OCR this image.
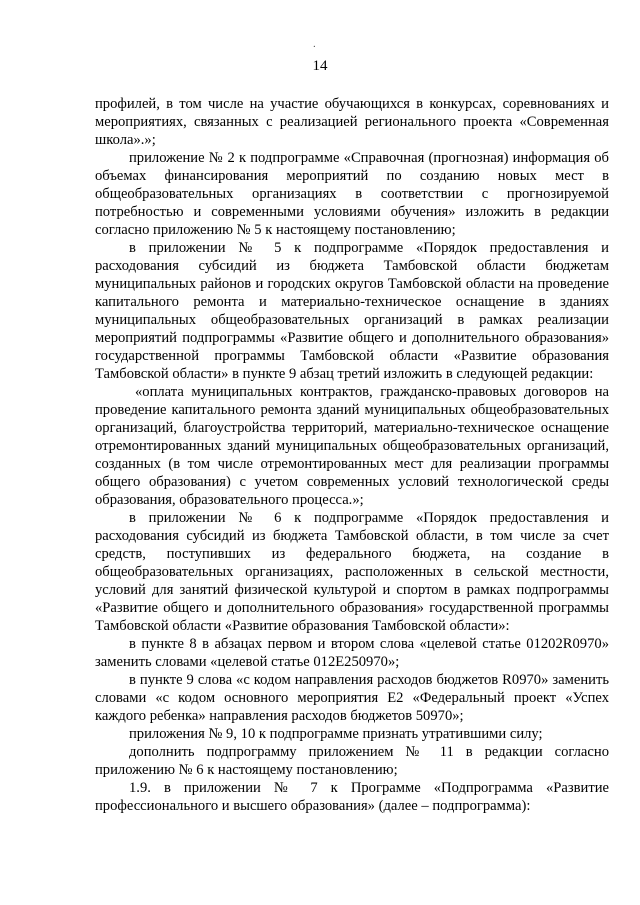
.
14

профилей, в том числе на участие обучающихся в конкурсах, соревнованиях и мероприятиях, связанных с реализацией регионального проекта «Современная школа».»;

приложение № 2 к подпрограмме «Справочная (прогнозная) информация об объемах финансирования мероприятий по созданию новых мест в общеобразовательных организациях в соответствии с прогнозируемой потребностью и современными условиями обучения» изложить в редакции согласно приложению № 5 к настоящему постановлению;

в приложении № 5 к подпрограмме «Порядок предоставления и расходования субсидий из бюджета Тамбовской области бюджетам муниципальных районов и городских округов Тамбовской области на проведение капитального ремонта и материально-техническое оснащение в зданиях муниципальных общеобразовательных организаций в рамках реализации мероприятий подпрограммы «Развитие общего и дополнительного образования» государственной программы Тамбовской области «Развитие образования Тамбовской области» в пункте 9 абзац третий изложить в следующей редакции:

«оплата муниципальных контрактов, гражданско-правовых договоров на проведение капитального ремонта зданий муниципальных общеобразовательных организаций, благоустройства территорий, материально-техническое оснащение отремонтированных зданий муниципальных общеобразовательных организаций, созданных (в том числе отремонтированных мест для реализации программы общего образования) с учетом современных условий технологической среды образования, образовательного процесса.»;

в приложении № 6 к подпрограмме «Порядок предоставления и расходования субсидий из бюджета Тамбовской области, в том числе за счет средств, поступивших из федерального бюджета, на создание в общеобразовательных организациях, расположенных в сельской местности, условий для занятий физической культурой и спортом в рамках подпрограммы «Развитие общего и дополнительного образования» государственной программы Тамбовской области «Развитие образования Тамбовской области»:

в пункте 8 в абзацах первом и втором слова «целевой статье 01202R0970» заменить словами «целевой статье 012E250970»;

в пункте 9 слова «с кодом направления расходов бюджетов R0970» заменить словами «с кодом основного мероприятия E2 «Федеральный проект «Успех каждого ребенка» направления расходов бюджетов 50970»;

приложения № 9, 10 к подпрограмме признать утратившими силу;

дополнить подпрограмму приложением № 11 в редакции согласно приложению № 6 к настоящему постановлению;

1.9. в приложении № 7 к Программе «Подпрограмма «Развитие профессионального и высшего образования» (далее – подпрограмма):
